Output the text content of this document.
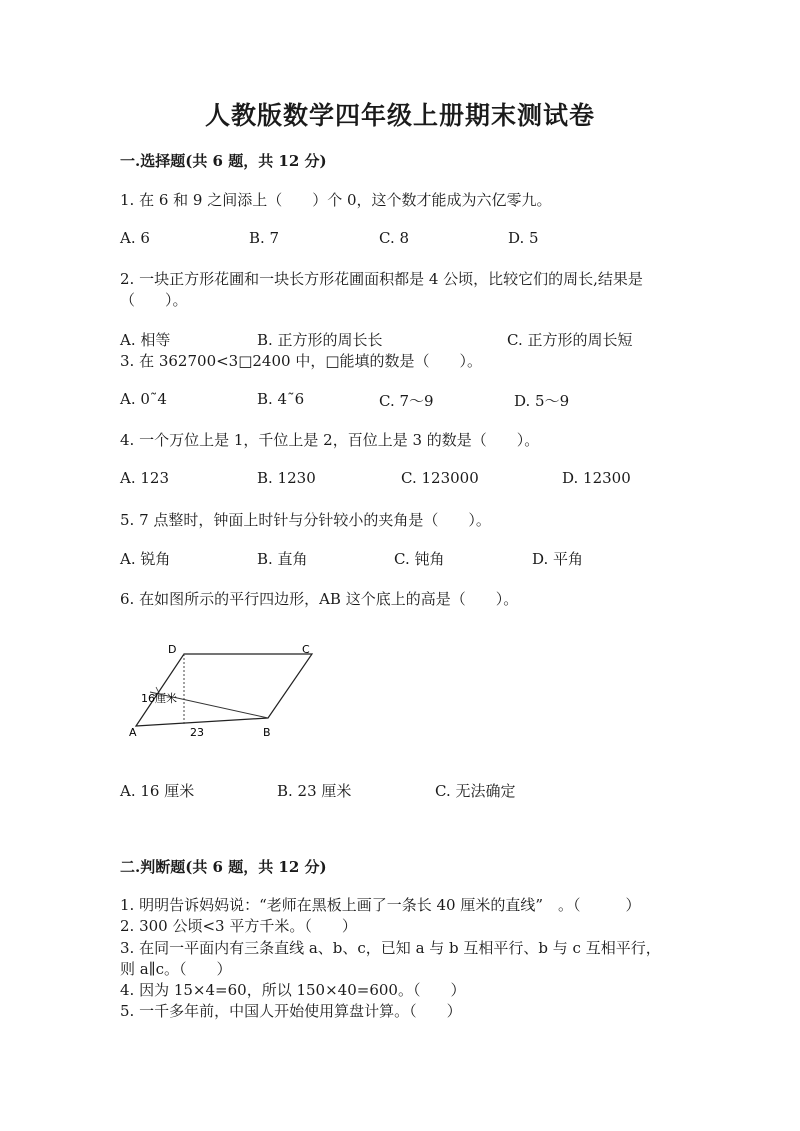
人教版数学四年级上册期末测试卷
一.选择题(共 6 题，共 12 分)
1. 在 6 和 9 之间添上（　　）个 0，这个数才能成为六亿零九。
A. 6	B. 7	C. 8	D. 5
2. 一块正方形花圃和一块长方形花圃面积都是 4 公顷，比较它们的周长,结果是
（　　）。
A. 相等	B. 正方形的周长长	C. 正方形的周长短
3. 在 362700<3□2400 中，□能填的数是（　　）。
A. 0˜4	B. 4˜6	C. 7～9	D. 5～9
4. 一个万位上是 1，千位上是 2，百位上是 3 的数是（　　）。
A. 123	B. 1230	C. 123000	D. 12300
5. 7 点整时，钟面上时针与分针较小的夹角是（　　）。
A. 锐角	B. 直角	C. 钝角	D. 平角
6. 在如图所示的平行四边形，AB 这个底上的高是（　　）。
D	C
A	B
16厘米
23
A. 16 厘米	B. 23 厘米	C. 无法确定
二.判断题(共 6 题，共 12 分)
1. 明明告诉妈妈说：“老师在黑板上画了一条长 40 厘米的直线”　。（　　　）
2. 300 公顷<3 平方千米。（　　）
3. 在同一平面内有三条直线 a、b、c，已知 a 与 b 互相平行、b 与 c 互相平行，
则 a∥c。（　　）
4. 因为 15×4=60，所以 150×40=600。（　　）
5. 一千多年前，中国人开始使用算盘计算。（　　）
